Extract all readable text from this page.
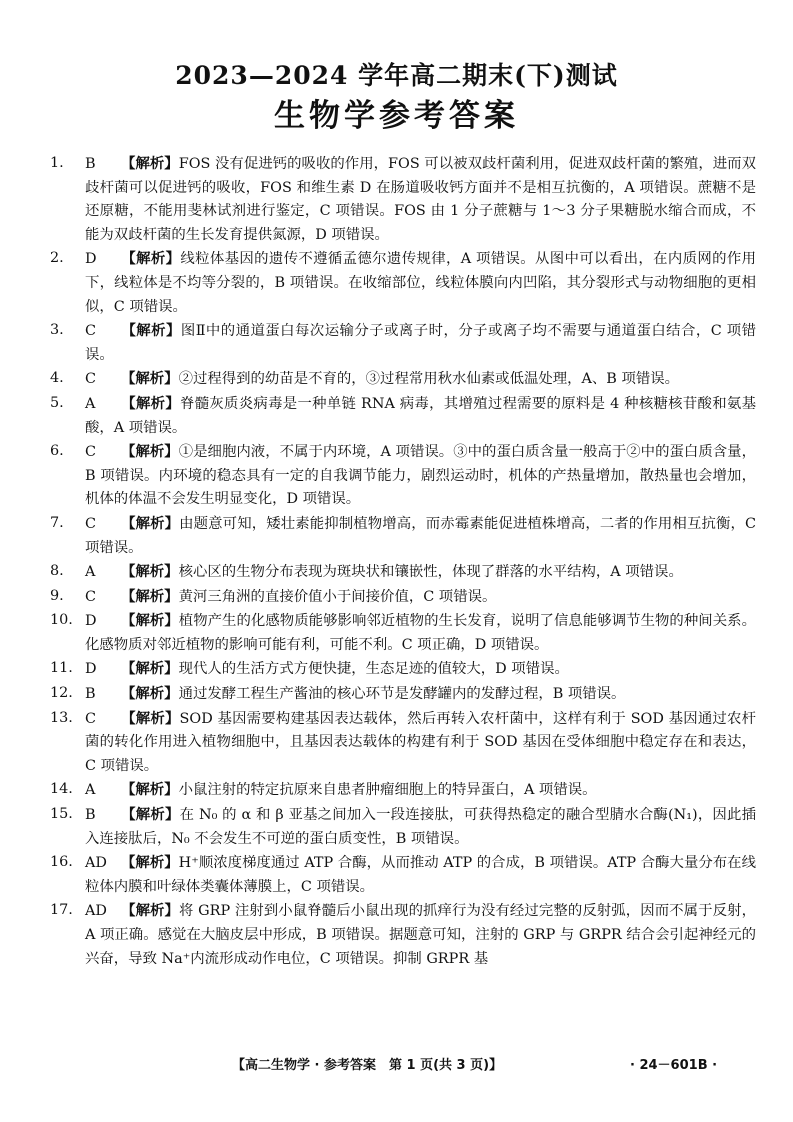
2023—2024 学年高二期末(下)测试
生物学参考答案
1.	B 【解析】FOS 没有促进钙的吸收的作用，FOS 可以被双歧杆菌利用，促进双歧杆菌的繁殖，进而双歧杆菌可以促进钙的吸收，FOS 和维生素 D 在肠道吸收钙方面并不是相互抗衡的，A 项错误。蔗糖不是还原糖，不能用斐林试剂进行鉴定，C 项错误。FOS 由 1 分子蔗糖与 1～3 分子果糖脱水缩合而成，不能为双歧杆菌的生长发育提供氮源，D 项错误。
2.	D 【解析】线粒体基因的遗传不遵循孟德尔遗传规律，A 项错误。从图中可以看出，在内质网的作用下，线粒体是不均等分裂的，B 项错误。在收缩部位，线粒体膜向内凹陷，其分裂形式与动物细胞的更相似，C 项错误。
3.	C 【解析】图Ⅱ中的通道蛋白每次运输分子或离子时，分子或离子均不需要与通道蛋白结合，C 项错误。
4.	C 【解析】②过程得到的幼苗是不育的，③过程常用秋水仙素或低温处理，A、B 项错误。
5.	A 【解析】脊髓灰质炎病毒是一种单链 RNA 病毒，其增殖过程需要的原料是 4 种核糖核苷酸和氨基酸，A 项错误。
6.	C 【解析】①是细胞内液，不属于内环境，A 项错误。③中的蛋白质含量一般高于②中的蛋白质含量，B 项错误。内环境的稳态具有一定的自我调节能力，剧烈运动时，机体的产热量增加，散热量也会增加，机体的体温不会发生明显变化，D 项错误。
7.	C 【解析】由题意可知，矮壮素能抑制植物增高，而赤霉素能促进植株增高，二者的作用相互抗衡，C 项错误。
8.	A 【解析】核心区的生物分布表现为斑块状和镶嵌性，体现了群落的水平结构，A 项错误。
9.	C 【解析】黄河三角洲的直接价值小于间接价值，C 项错误。
10. D 【解析】植物产生的化感物质能够影响邻近植物的生长发育，说明了信息能够调节生物的种间关系。化感物质对邻近植物的影响可能有利，可能不利。C 项正确，D 项错误。
11. D 【解析】现代人的生活方式方便快捷，生态足迹的值较大，D 项错误。
12. B 【解析】通过发酵工程生产酱油的核心环节是发酵罐内的发酵过程，B 项错误。
13. C 【解析】SOD 基因需要构建基因表达载体，然后再转入农杆菌中，这样有利于 SOD 基因通过农杆菌的转化作用进入植物细胞中，且基因表达载体的构建有利于 SOD 基因在受体细胞中稳定存在和表达，C 项错误。
14. A 【解析】小鼠注射的特定抗原来自患者肿瘤细胞上的特异蛋白，A 项错误。
15. B 【解析】在 N₀ 的 α 和 β 亚基之间加入一段连接肽，可获得热稳定的融合型腈水合酶(N₁)，因此插入连接肽后，N₀ 不会发生不可逆的蛋白质变性，B 项错误。
16. AD 【解析】H⁺顺浓度梯度通过 ATP 合酶，从而推动 ATP 的合成，B 项错误。ATP 合酶大量分布在线粒体内膜和叶绿体类囊体薄膜上，C 项错误。
17. AD 【解析】将 GRP 注射到小鼠脊髓后小鼠出现的抓痒行为没有经过完整的反射弧，因而不属于反射，A 项正确。感觉在大脑皮层中形成，B 项错误。据题意可知，注射的 GRP 与 GRPR 结合会引起神经元的兴奋，导致 Na⁺内流形成动作电位，C 项错误。抑制 GRPR 基
【高二生物学 · 参考答案　第 1 页(共 3 页)】	· 24－601B ·
